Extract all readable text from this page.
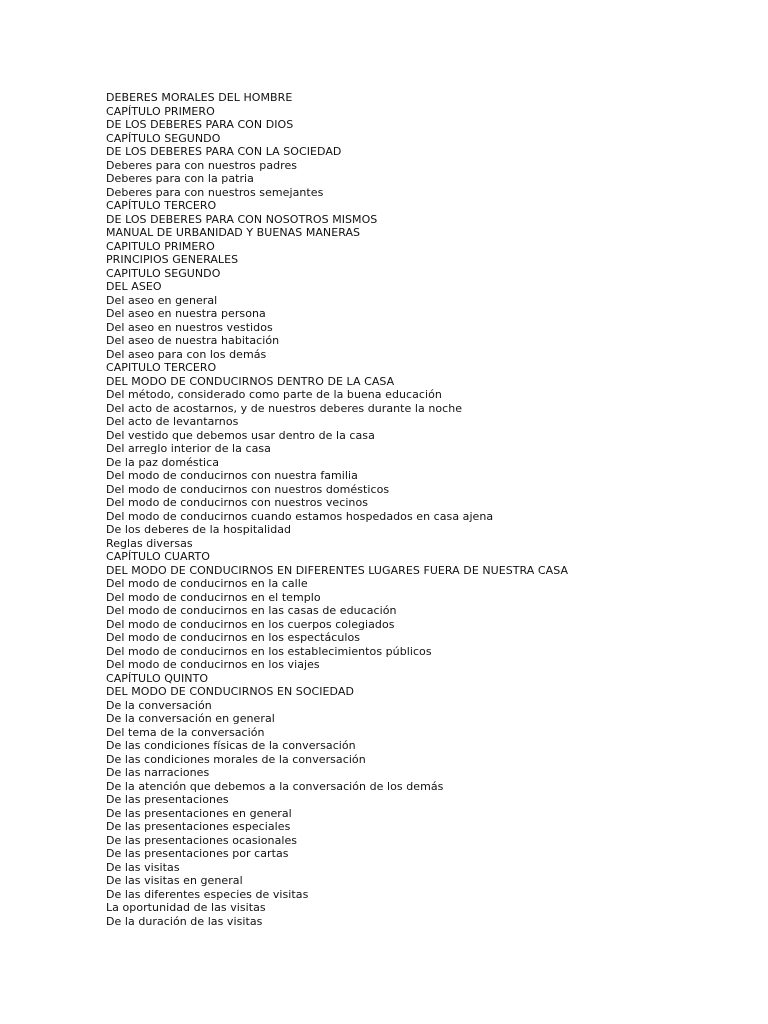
DEBERES MORALES DEL HOMBRE
CAPÍTULO PRIMERO
DE LOS DEBERES PARA CON DIOS
CAPÍTULO SEGUNDO
DE LOS DEBERES PARA CON LA SOCIEDAD
Deberes para con nuestros padres
Deberes para con la patria
Deberes para con nuestros semejantes
CAPÍTULO TERCERO
DE LOS DEBERES PARA CON NOSOTROS MISMOS
MANUAL DE URBANIDAD Y BUENAS MANERAS
CAPITULO PRIMERO
PRINCIPIOS GENERALES
CAPITULO SEGUNDO
DEL ASEO
Del aseo en general
Del aseo en nuestra persona
Del aseo en nuestros vestidos
Del aseo de nuestra habitación
Del aseo para con los demás
CAPITULO TERCERO
DEL MODO DE CONDUCIRNOS DENTRO DE LA CASA
Del método, considerado como parte de la buena educación
Del acto de acostarnos, y de nuestros deberes durante la noche
Del acto de levantarnos
Del vestido que debemos usar dentro de la casa
Del arreglo interior de la casa
De la paz doméstica
Del modo de conducirnos con nuestra familia
Del modo de conducirnos con nuestros domésticos
Del modo de conducirnos con nuestros vecinos
Del modo de conducirnos cuando estamos hospedados en casa ajena
De los deberes de la hospitalidad
Reglas diversas
CAPÍTULO CUARTO
DEL MODO DE CONDUCIRNOS EN DIFERENTES LUGARES FUERA DE NUESTRA CASA
Del modo de conducirnos en la calle
Del modo de conducirnos en el templo
Del modo de conducirnos en las casas de educación
Del modo de conducirnos en los cuerpos colegiados
Del modo de conducirnos en los espectáculos
Del modo de conducirnos en los establecimientos públicos
Del modo de conducirnos en los viajes
CAPÍTULO QUINTO
DEL MODO DE CONDUCIRNOS EN SOCIEDAD
De la conversación
De la conversación en general
Del tema de la conversación
De las condiciones físicas de la conversación
De las condiciones morales de la conversación
De las narraciones
De la atención que debemos a la conversación de los demás
De las presentaciones
De las presentaciones en general
De las presentaciones especiales
De las presentaciones ocasionales
De las presentaciones por cartas
De las visitas
De las visitas en general
De las diferentes especies de visitas
La oportunidad de las visitas
De la duración de las visitas
